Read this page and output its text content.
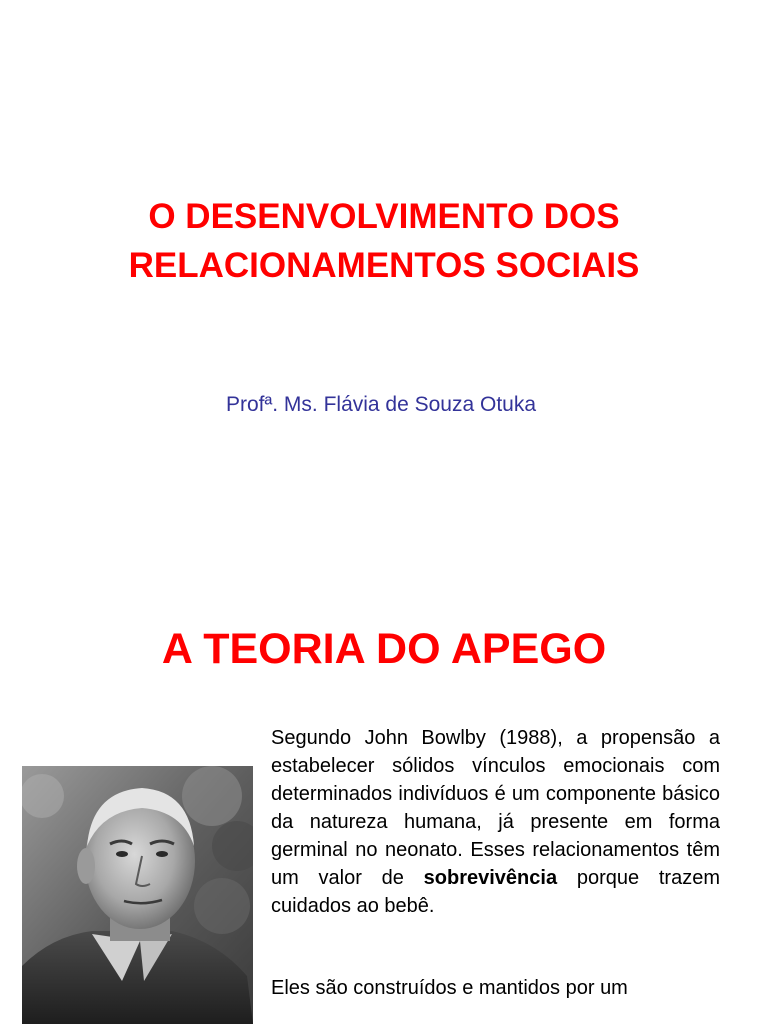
O DESENVOLVIMENTO DOS
RELACIONAMENTOS SOCIAIS

Profª. Ms. Flávia de Souza Otuka

A TEORIA DO APEGO

Segundo John Bowlby (1988), a propensão a estabelecer sólidos vínculos emocionais com determinados indivíduos é um componente básico da natureza humana, já presente em forma germinal no neonato. Esses relacionamentos têm um valor de sobrevivência porque trazem cuidados ao bebê.

Eles são construídos e mantidos por um
